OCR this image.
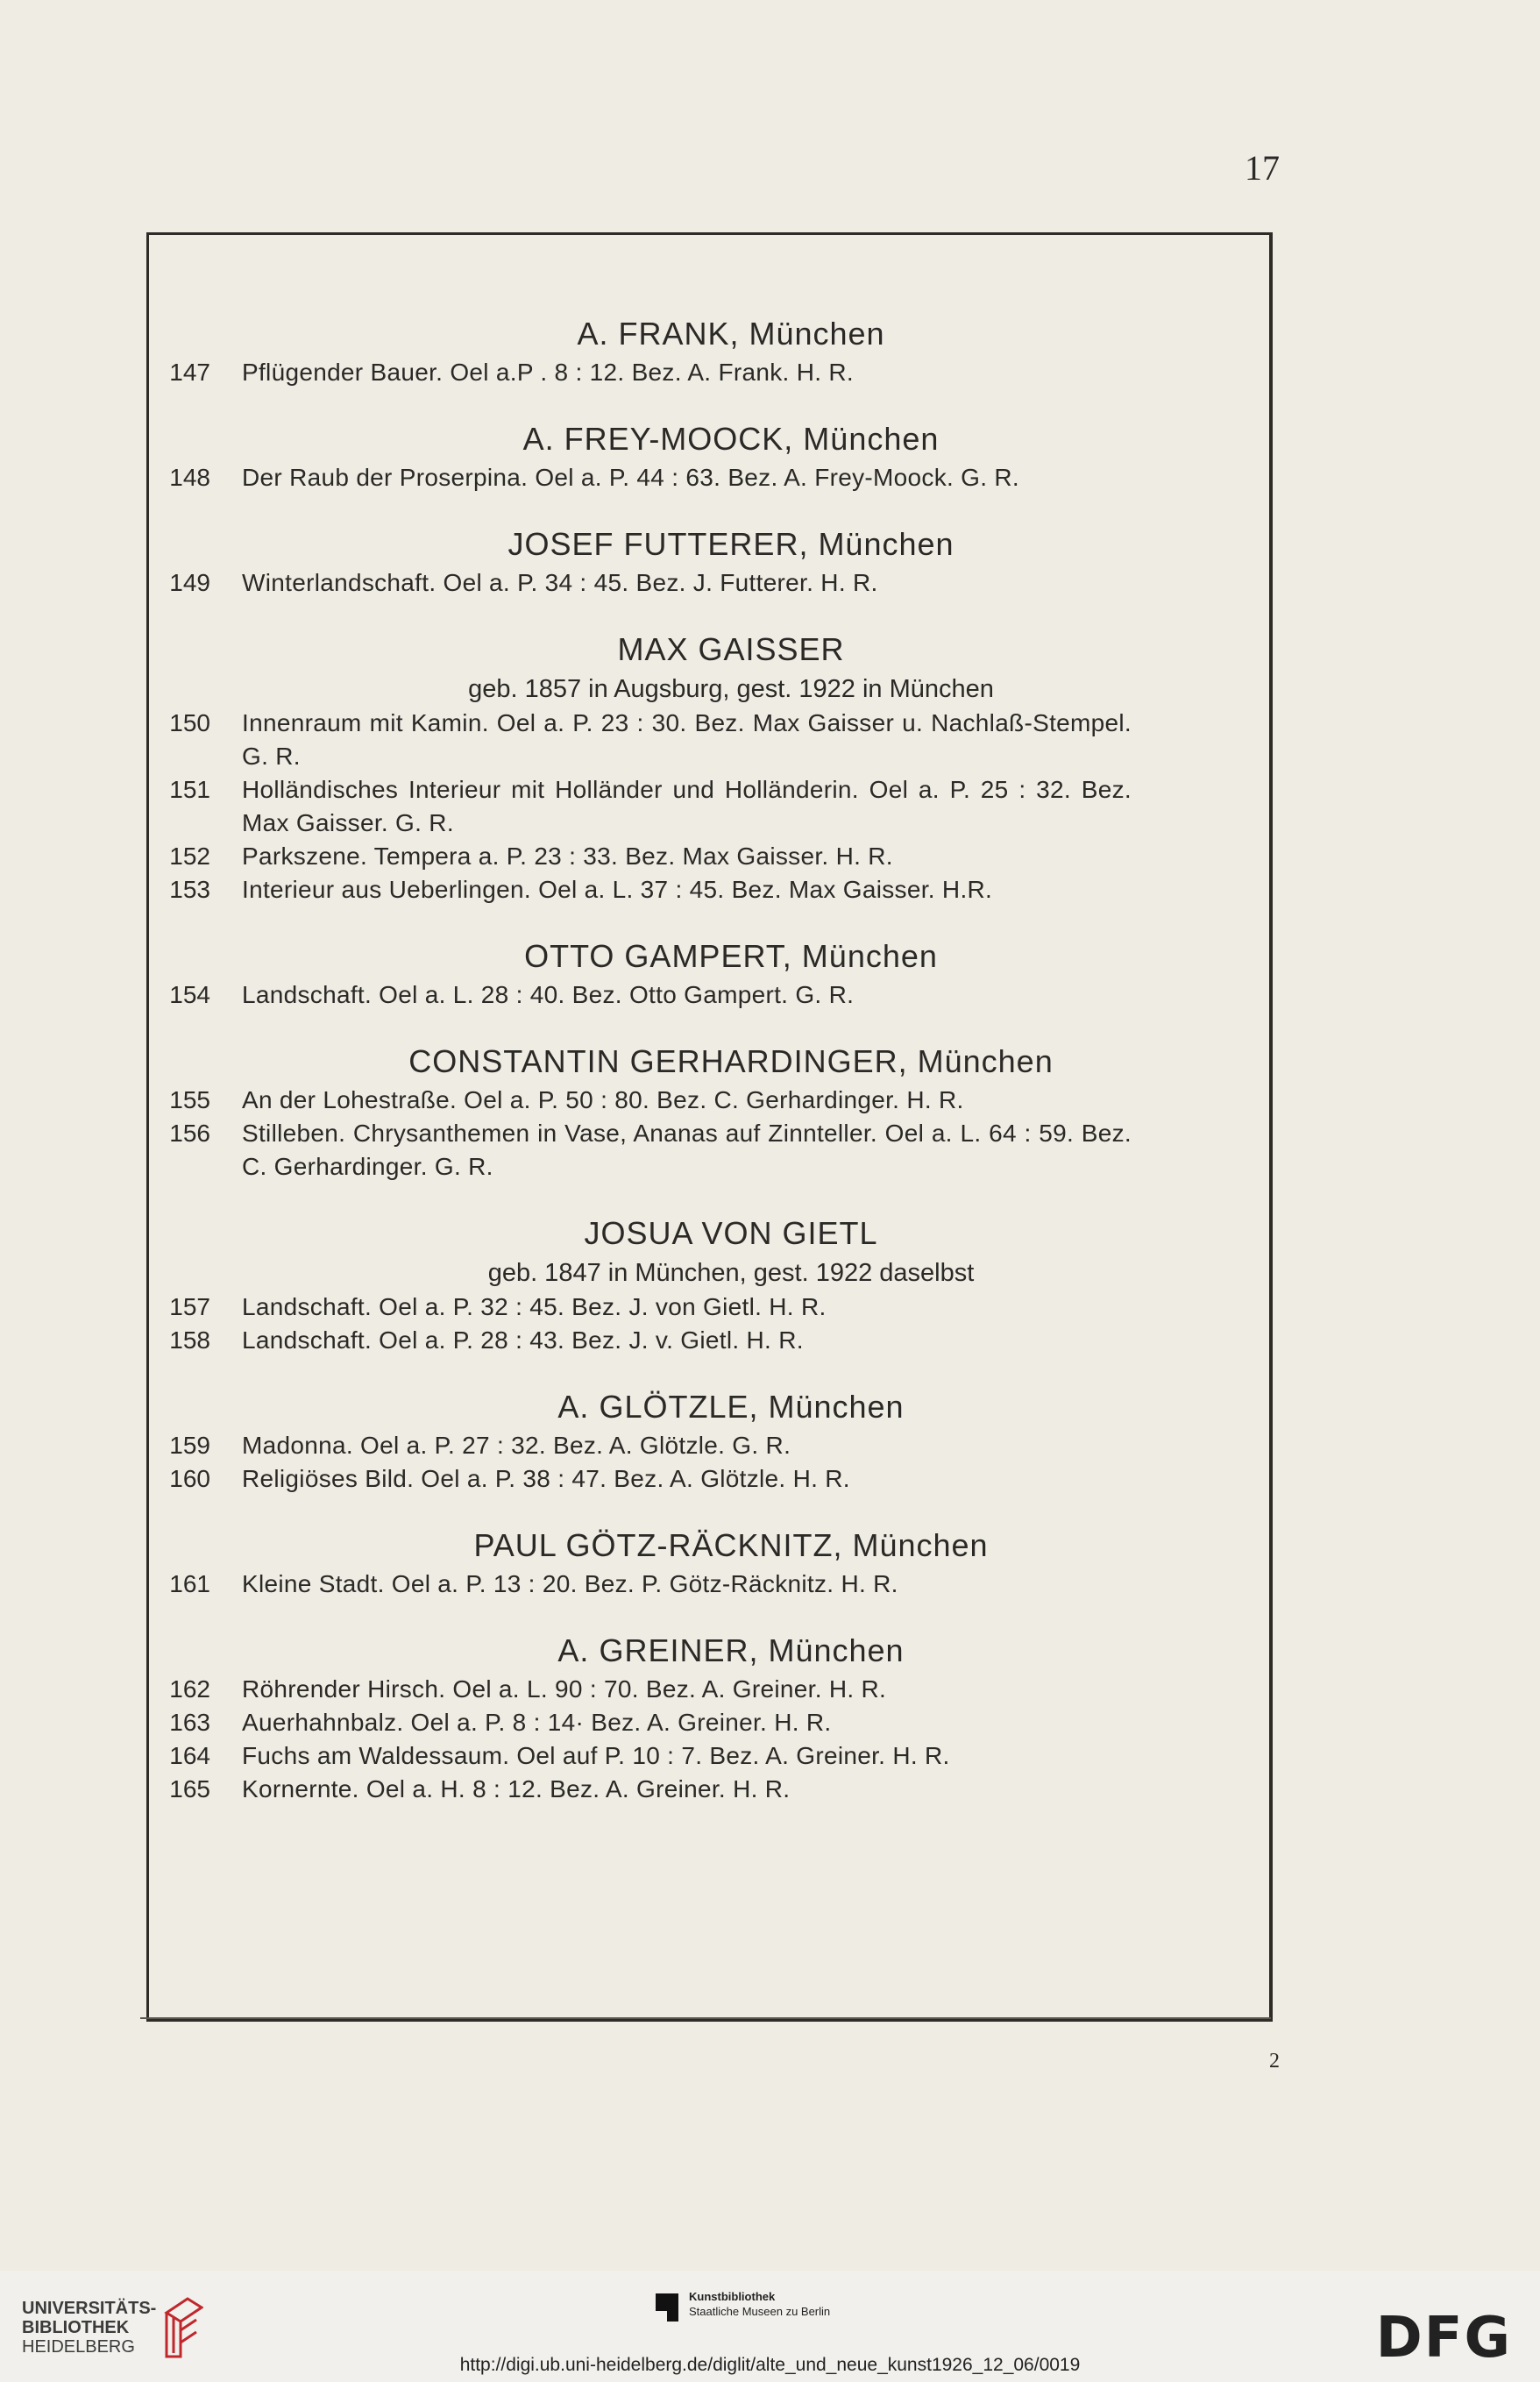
17
A. FRANK, München
147	Pflügender Bauer. Oel a.P . 8 : 12. Bez. A. Frank. H. R.
A. FREY-MOOCK, München
148	Der Raub der Proserpina. Oel a. P. 44 : 63. Bez. A. Frey-Moock. G. R.
JOSEF FUTTERER, München
149	Winterlandschaft. Oel a. P. 34 : 45. Bez. J. Futterer. H. R.
MAX GAISSER
geb. 1857 in Augsburg, gest. 1922 in München
150	Innenraum mit Kamin. Oel a. P. 23 : 30. Bez. Max Gaisser u. Nachlaß-Stempel. G. R.
151	Holländisches Interieur mit Holländer und Holländerin. Oel a. P. 25 : 32. Bez. Max Gaisser. G. R.
152	Parkszene. Tempera a. P. 23 : 33. Bez. Max Gaisser. H. R.
153	Interieur aus Ueberlingen. Oel a. L. 37 : 45. Bez. Max Gaisser. H.R.
OTTO GAMPERT, München
154	Landschaft. Oel a. L. 28 : 40. Bez. Otto Gampert. G. R.
CONSTANTIN GERHARDINGER, München
155	An der Lohestraße. Oel a. P. 50 : 80. Bez. C. Gerhardinger. H. R.
156	Stilleben. Chrysanthemen in Vase, Ananas auf Zinnteller. Oel a. L. 64 : 59. Bez. C. Gerhardinger. G. R.
JOSUA VON GIETL
geb. 1847 in München, gest. 1922 daselbst
157	Landschaft. Oel a. P. 32 : 45. Bez. J. von Gietl. H. R.
158	Landschaft. Oel a. P. 28 : 43. Bez. J. v. Gietl. H. R.
A. GLÖTZLE, München
159	Madonna. Oel a. P. 27 : 32. Bez. A. Glötzle. G. R.
160	Religiöses Bild. Oel a. P. 38 : 47. Bez. A. Glötzle. H. R.
PAUL GÖTZ-RÄCKNITZ, München
161	Kleine Stadt. Oel a. P. 13 : 20. Bez. P. Götz-Räcknitz. H. R.
A. GREINER, München
162	Röhrender Hirsch. Oel a. L. 90 : 70. Bez. A. Greiner. H. R.
163	Auerhahnbalz. Oel a. P. 8 : 14· Bez. A. Greiner. H. R.
164	Fuchs am Waldessaum. Oel auf P. 10 : 7. Bez. A. Greiner. H. R.
165	Kornernte. Oel a. H. 8 : 12. Bez. A. Greiner. H. R.
2
UNIVERSITÄTS-
BIBLIOTHEK
HEIDELBERG
Kunstbibliothek
Staatliche Museen zu Berlin	DFG
http://digi.ub.uni-heidelberg.de/diglit/alte_und_neue_kunst1926_12_06/0019
